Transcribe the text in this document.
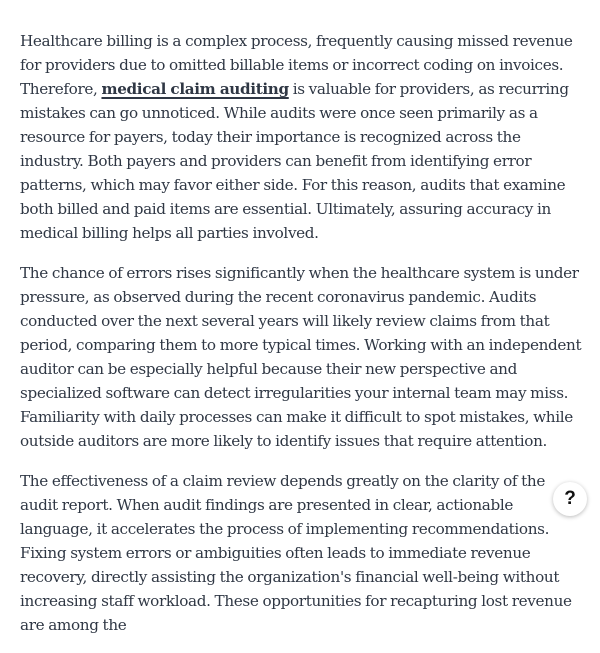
Healthcare billing is a complex process, frequently causing missed revenue for providers due to omitted billable items or incorrect coding on invoices. Therefore, medical claim auditing is valuable for providers, as recurring mistakes can go unnoticed. While audits were once seen primarily as a resource for payers, today their importance is recognized across the industry. Both payers and providers can benefit from identifying error patterns, which may favor either side. For this reason, audits that examine both billed and paid items are essential. Ultimately, assuring accuracy in medical billing helps all parties involved.

The chance of errors rises significantly when the healthcare system is under pressure, as observed during the recent coronavirus pandemic. Audits conducted over the next several years will likely review claims from that period, comparing them to more typical times. Working with an independent auditor can be especially helpful because their new perspective and specialized software can detect irregularities your internal team may miss. Familiarity with daily processes can make it difficult to spot mistakes, while outside auditors are more likely to identify issues that require attention.

The effectiveness of a claim review depends greatly on the clarity of the audit report. When audit findings are presented in clear, actionable language, it accelerates the process of implementing recommendations. Fixing system errors or ambiguities often leads to immediate revenue recovery, directly assisting the organization's financial well-being without increasing staff workload. These opportunities for recapturing lost revenue are among the

?
